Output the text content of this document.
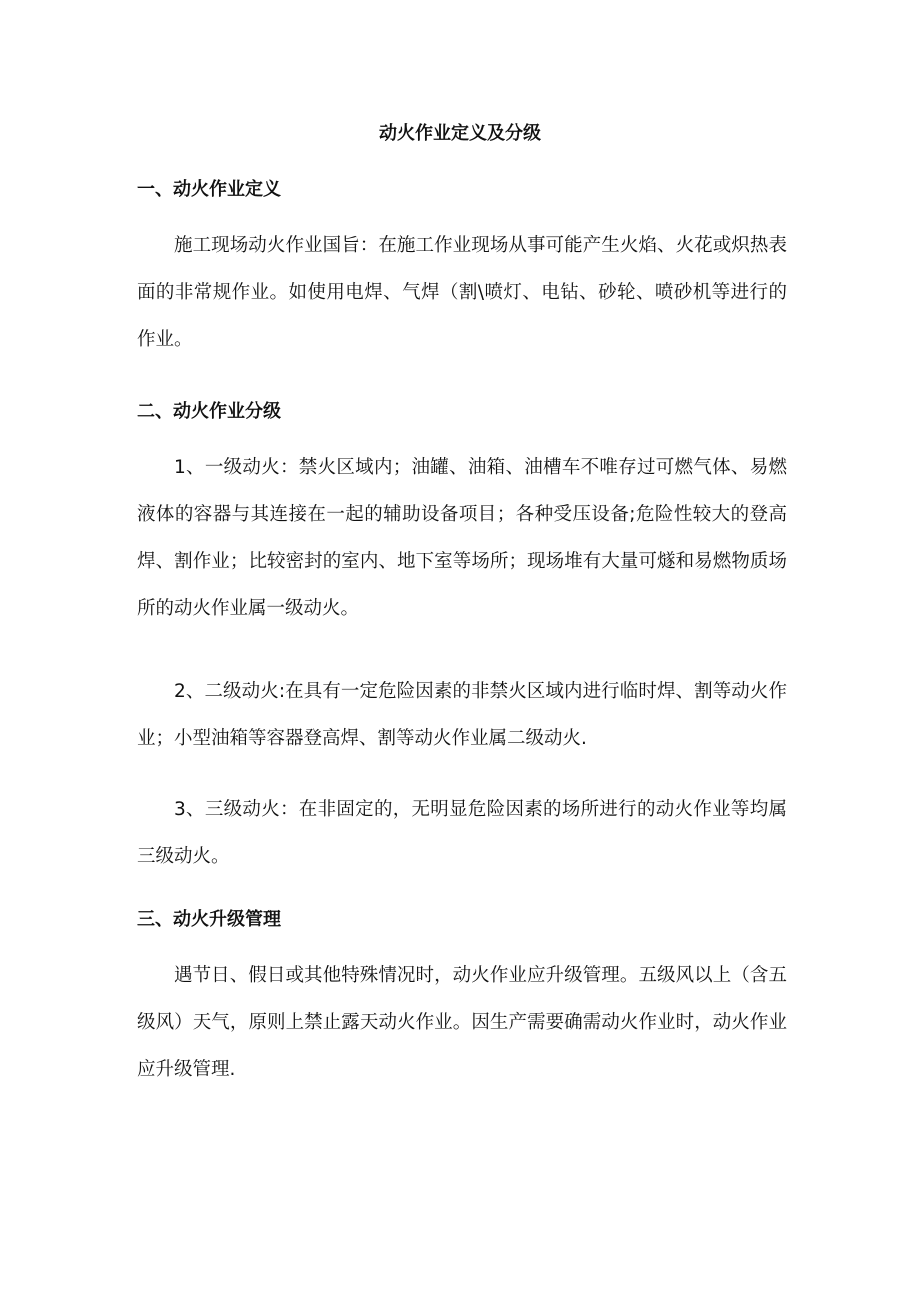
动火作业定义及分级
一、动火作业定义

施工现场动火作业国旨：在施工作业现场从事可能产生火焰、火花或炽热表面的非常规作业。如使用电焊、气焊（割\喷灯、电钻、砂轮、喷砂机等进行的作业。

二、动火作业分级

1、一级动火：禁火区域内；油罐、油箱、油槽车不唯存过可燃气体、易燃液体的容器与其连接在一起的辅助设备项目；各种受压设备;危险性较大的登高焊、割作业；比较密封的室内、地下室等场所；现场堆有大量可燧和易燃物质场所的动火作业属一级动火。

2、二级动火:在具有一定危险因素的非禁火区域内进行临时焊、割等动火作业；小型油箱等容器登高焊、割等动火作业属二级动火.

3、三级动火：在非固定的，无明显危险因素的场所进行的动火作业等均属三级动火。

三、动火升级管理

遇节日、假日或其他特殊情况时，动火作业应升级管理。五级风以上（含五级风）天气，原则上禁止露天动火作业。因生产需要确需动火作业时，动火作业应升级管理.
